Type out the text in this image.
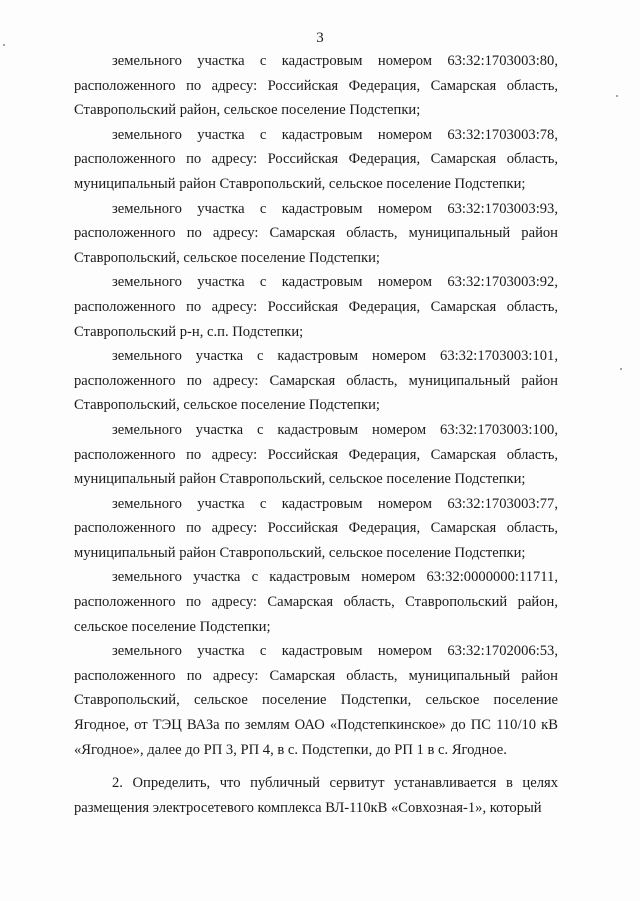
3

земельного участка с кадастровым номером 63:32:1703003:80, расположенного по адресу: Российская Федерация, Самарская область, Ставропольский район, сельское поселение Подстепки;

земельного участка с кадастровым номером 63:32:1703003:78, расположенного по адресу: Российская Федерация, Самарская область, муниципальный район Ставропольский, сельское поселение Подстепки;

земельного участка с кадастровым номером 63:32:1703003:93, расположенного по адресу: Самарская область, муниципальный район Ставропольский, сельское поселение Подстепки;

земельного участка с кадастровым номером 63:32:1703003:92, расположенного по адресу: Российская Федерация, Самарская область, Ставропольский р-н, с.п. Подстепки;

земельного участка с кадастровым номером 63:32:1703003:101, расположенного по адресу: Самарская область, муниципальный район Ставропольский, сельское поселение Подстепки;

земельного участка с кадастровым номером 63:32:1703003:100, расположенного по адресу: Российская Федерация, Самарская область, муниципальный район Ставропольский, сельское поселение Подстепки;

земельного участка с кадастровым номером 63:32:1703003:77, расположенного по адресу: Российская Федерация, Самарская область, муниципальный район Ставропольский, сельское поселение Подстепки;

земельного участка с кадастровым номером 63:32:0000000:11711, расположенного по адресу: Самарская область, Ставропольский район, сельское поселение Подстепки;

земельного участка с кадастровым номером 63:32:1702006:53, расположенного по адресу: Самарская область, муниципальный район Ставропольский, сельское поселение Подстепки, сельское поселение Ягодное, от ТЭЦ ВАЗа по землям ОАО «Подстепкинское» до ПС 110/10 кВ «Ягодное», далее до РП 3, РП 4, в с. Подстепки, до РП 1 в с. Ягодное.

2. Определить, что публичный сервитут устанавливается в целях размещения электросетевого комплекса ВЛ-110кВ «Совхозная-1», который
